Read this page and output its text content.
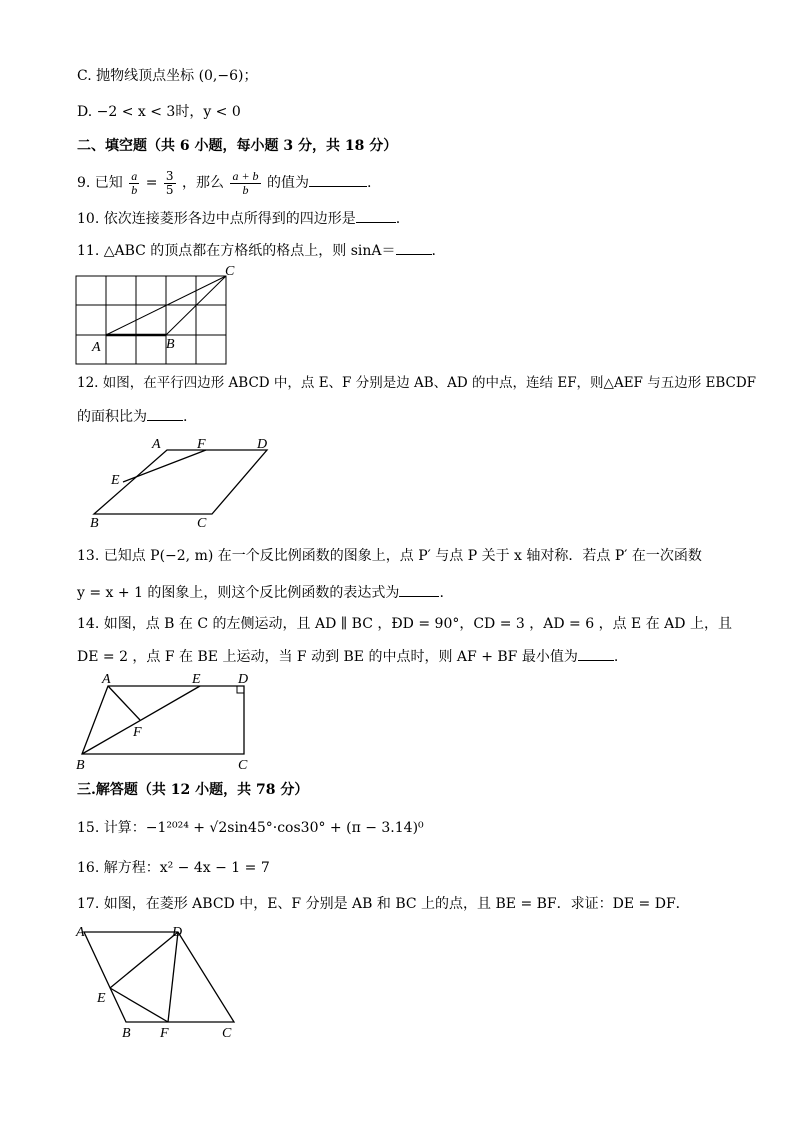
C. 抛物线顶点坐标 (0,−6)；
D. −2 < x < 3时，y < 0
二、填空题（共 6 小题，每小题 3 分，共 18 分）
9. 已知 $\frac{a}{b} = \frac{3}{5}$ ，那么 $\frac{a + b}{b}$ 的值为	.
10. 依次连接菱形各边中点所得到的四边形是	.
11. △ABC 的顶点都在方格纸的格点上，则 sinA＝	.
A	B
C
12. 如图，在平行四边形 ABCD 中，点 E、F 分别是边 AB、AD 的中点，连结 EF，则△AEF 与五边形 EBCDF
的面积比为	.
A	F	D
E
B	C
13. 已知点 P(−2, m) 在一个反比例函数的图象上，点 P′ 与点 P 关于 x 轴对称．若点 P′ 在一次函数
y = x + 1 的图象上，则这个反比例函数的表达式为	.
14. 如图，点 B 在 C 的左侧运动，且 AD ∥ BC ，ÐD = 90°，CD = 3 ，AD = 6 ，点 E 在 AD 上，且
DE = 2 ，点 F 在 BE 上运动，当 F 动到 BE 的中点时，则 AF + BF 最小值为	.
A	E	D
F
B	C
三.解答题（共 12 小题，共 78 分）
15. 计算：−1²⁰²⁴ + √2sin45°·cos30° + (π − 3.14)⁰
16. 解方程：x² − 4x − 1 = 7
17. 如图，在菱形 ABCD 中，E、F 分别是 AB 和 BC 上的点，且 BE = BF．求证：DE = DF．
A	D
E
B F	C
